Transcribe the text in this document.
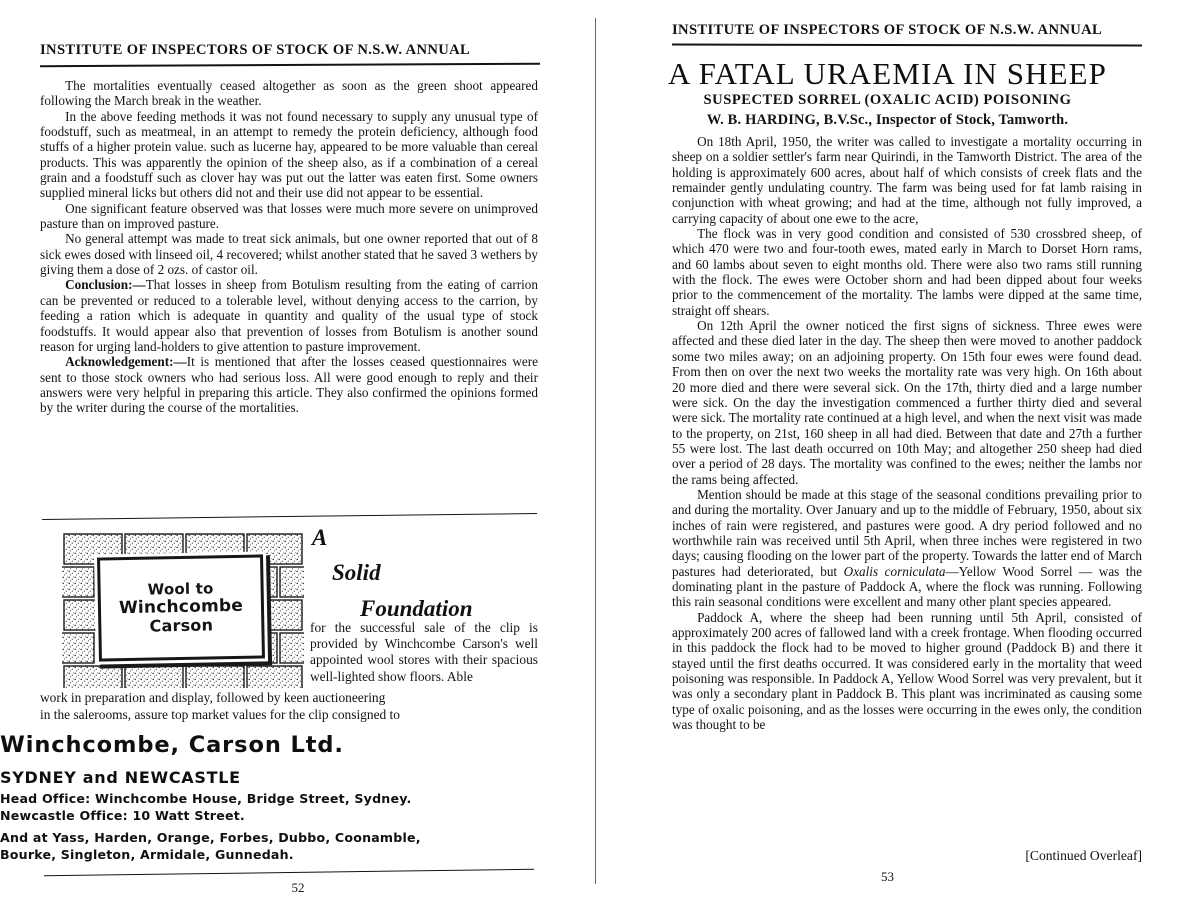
INSTITUTE OF INSPECTORS OF STOCK OF N.S.W. ANNUAL

The mortalities eventually ceased altogether as soon as the green shoot appeared following the March break in the weather.

In the above feeding methods it was not found necessary to supply any unusual type of foodstuff, such as meatmeal, in an attempt to remedy the protein deficiency, although food stuffs of a higher protein value. such as lucerne hay, appeared to be more valuable than cereal products. This was apparently the opinion of the sheep also, as if a combination of a cereal grain and a foodstuff such as clover hay was put out the latter was eaten first. Some owners supplied mineral licks but others did not and their use did not appear to be essential.

One significant feature observed was that losses were much more severe on unimproved pasture than on improved pasture.

No general attempt was made to treat sick animals, but one owner reported that out of 8 sick ewes dosed with linseed oil, 4 recovered; whilst another stated that he saved 3 wethers by giving them a dose of 2 ozs. of castor oil.

Conclusion:—That losses in sheep from Botulism resulting from the eating of carrion can be prevented or reduced to a tolerable level, without denying access to the carrion, by feeding a ration which is adequate in quantity and quality of the usual type of stock foodstuffs. It would appear also that prevention of losses from Botulism is another sound reason for urging land-holders to give attention to pasture improvement.

Acknowledgement:—It is mentioned that after the losses ceased questionnaires were sent to those stock owners who had serious loss. All were good enough to reply and their answers were very helpful in preparing this article. They also confirmed the opinions formed by the writer during the course of the mortalities.

Wool to
Winchcombe
Carson
A
Solid
Foundation
for the successful sale of the clip is provided by Winchcombe Carson's well appointed wool stores with their spacious well-lighted show floors. Able
work in preparation and display, followed by keen auctioneering
in the salerooms, assure top market values for the clip consigned to
Winchcombe, Carson Ltd.
SYDNEY and NEWCASTLE
Head Office: Winchcombe House, Bridge Street, Sydney.
Newcastle Office: 10 Watt Street.
And at Yass, Harden, Orange, Forbes, Dubbo, Coonamble,
Bourke, Singleton, Armidale, Gunnedah.
52
INSTITUTE OF INSPECTORS OF STOCK OF N.S.W. ANNUAL
A FATAL URAEMIA IN SHEEP
SUSPECTED SORREL (OXALIC ACID) POISONING
W. B. HARDING, B.V.Sc., Inspector of Stock, Tamworth.

On 18th April, 1950, the writer was called to investigate a mortality occurring in sheep on a soldier settler's farm near Quirindi, in the Tamworth District. The area of the holding is approximately 600 acres, about half of which consists of creek flats and the remainder gently undulating country. The farm was being used for fat lamb raising in conjunction with wheat growing; and had at the time, although not fully improved, a carrying capacity of about one ewe to the acre,

The flock was in very good condition and consisted of 530 crossbred sheep, of which 470 were two and four-tooth ewes, mated early in March to Dorset Horn rams, and 60 lambs about seven to eight months old. There were also two rams still running with the flock. The ewes were October shorn and had been dipped about four weeks prior to the commencement of the mortality. The lambs were dipped at the same time, straight off shears.

On 12th April the owner noticed the first signs of sickness. Three ewes were affected and these died later in the day. The sheep then were moved to another paddock some two miles away; on an adjoining property. On 15th four ewes were found dead. From then on over the next two weeks the mortality rate was very high. On 16th about 20 more died and there were several sick. On the 17th, thirty died and a large number were sick. On the day the investigation commenced a further thirty died and several were sick. The mortality rate continued at a high level, and when the next visit was made to the property, on 21st, 160 sheep in all had died. Between that date and 27th a further 55 were lost. The last death occurred on 10th May; and altogether 250 sheep had died over a period of 28 days. The mortality was confined to the ewes; neither the lambs nor the rams being affected.

Mention should be made at this stage of the seasonal conditions prevailing prior to and during the mortality. Over January and up to the middle of February, 1950, about six inches of rain were registered, and pastures were good. A dry period followed and no worthwhile rain was received until 5th April, when three inches were registered in two days; causing flooding on the lower part of the property. Towards the latter end of March pastures had deteriorated, but Oxalis corniculata—Yellow Wood Sorrel — was the dominating plant in the pasture of Paddock A, where the flock was running. Following this rain seasonal conditions were excellent and many other plant species appeared.

Paddock A, where the sheep had been running until 5th April, consisted of approximately 200 acres of fallowed land with a creek frontage. When flooding occurred in this paddock the flock had to be moved to higher ground (Paddock B) and there it stayed until the first deaths occurred. It was considered early in the mortality that weed poisoning was responsible. In Paddock A, Yellow Wood Sorrel was very prevalent, but it was only a secondary plant in Paddock B. This plant was incriminated as causing some type of oxalic poisoning, and as the losses were occurring in the ewes only, the condition was thought to be

[Continued Overleaf]
53
